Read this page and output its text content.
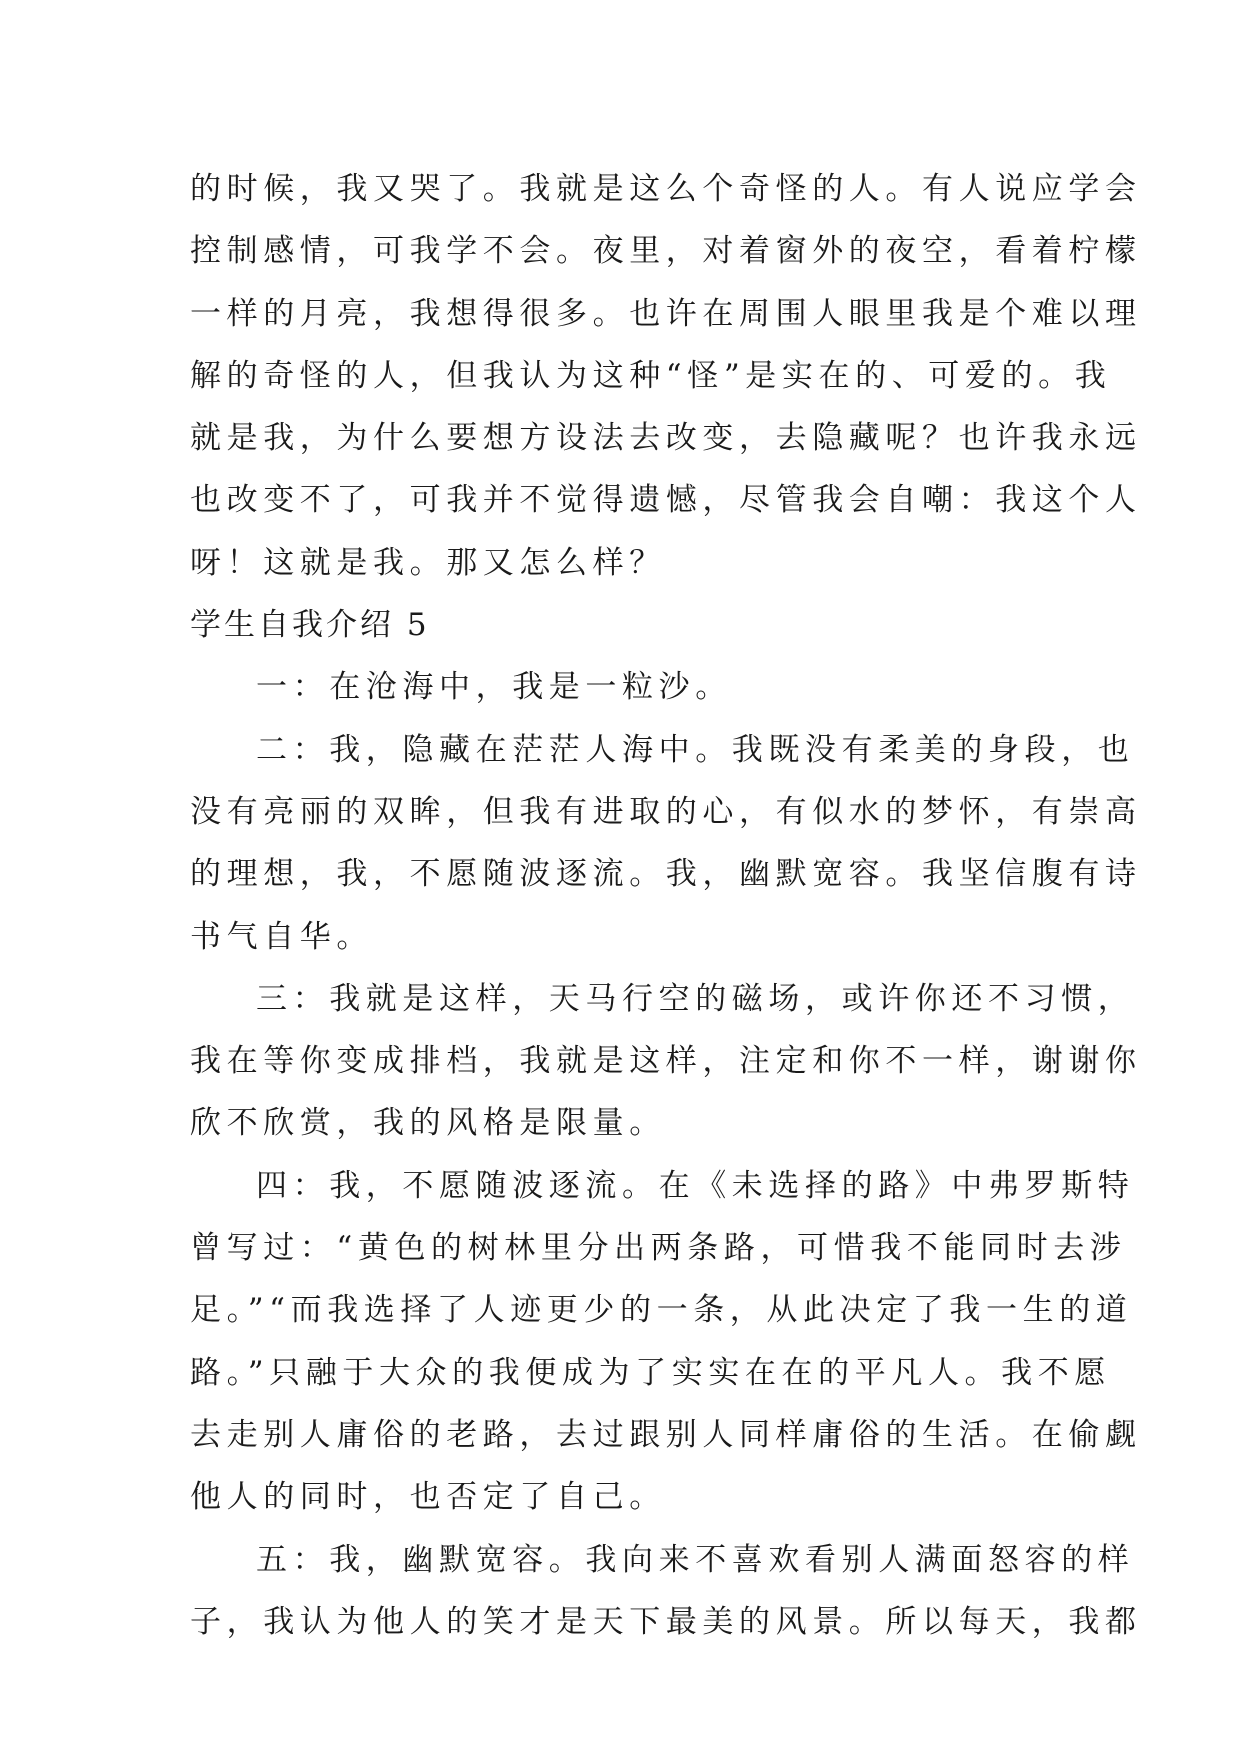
的时候，我又哭了。我就是这么个奇怪的人。有人说应学会
控制感情，可我学不会。夜里，对着窗外的夜空，看着柠檬
一样的月亮，我想得很多。也许在周围人眼里我是个难以理
解的奇怪的人，但我认为这种“怪”是实在的、可爱的。我
就是我，为什么要想方设法去改变，去隐藏呢？也许我永远
也改变不了，可我并不觉得遗憾，尽管我会自嘲：我这个人
呀！这就是我。那又怎么样？
学生自我介绍 5
一：在沧海中，我是一粒沙。
二：我，隐藏在茫茫人海中。我既没有柔美的身段，也
没有亮丽的双眸，但我有进取的心，有似水的梦怀，有崇高
的理想，我，不愿随波逐流。我，幽默宽容。我坚信腹有诗
书气自华。
三：我就是这样，天马行空的磁场，或许你还不习惯，
我在等你变成排档，我就是这样，注定和你不一样，谢谢你
欣不欣赏，我的风格是限量。
四：我，不愿随波逐流。在《未选择的路》中弗罗斯特
曾写过：“黄色的树林里分出两条路，可惜我不能同时去涉
足。”“而我选择了人迹更少的一条，从此决定了我一生的道
路。”只融于大众的我便成为了实实在在的平凡人。我不愿
去走别人庸俗的老路，去过跟别人同样庸俗的生活。在偷觑
他人的同时，也否定了自己。
五：我，幽默宽容。我向来不喜欢看别人满面怒容的样
子，我认为他人的笑才是天下最美的风景。所以每天，我都
